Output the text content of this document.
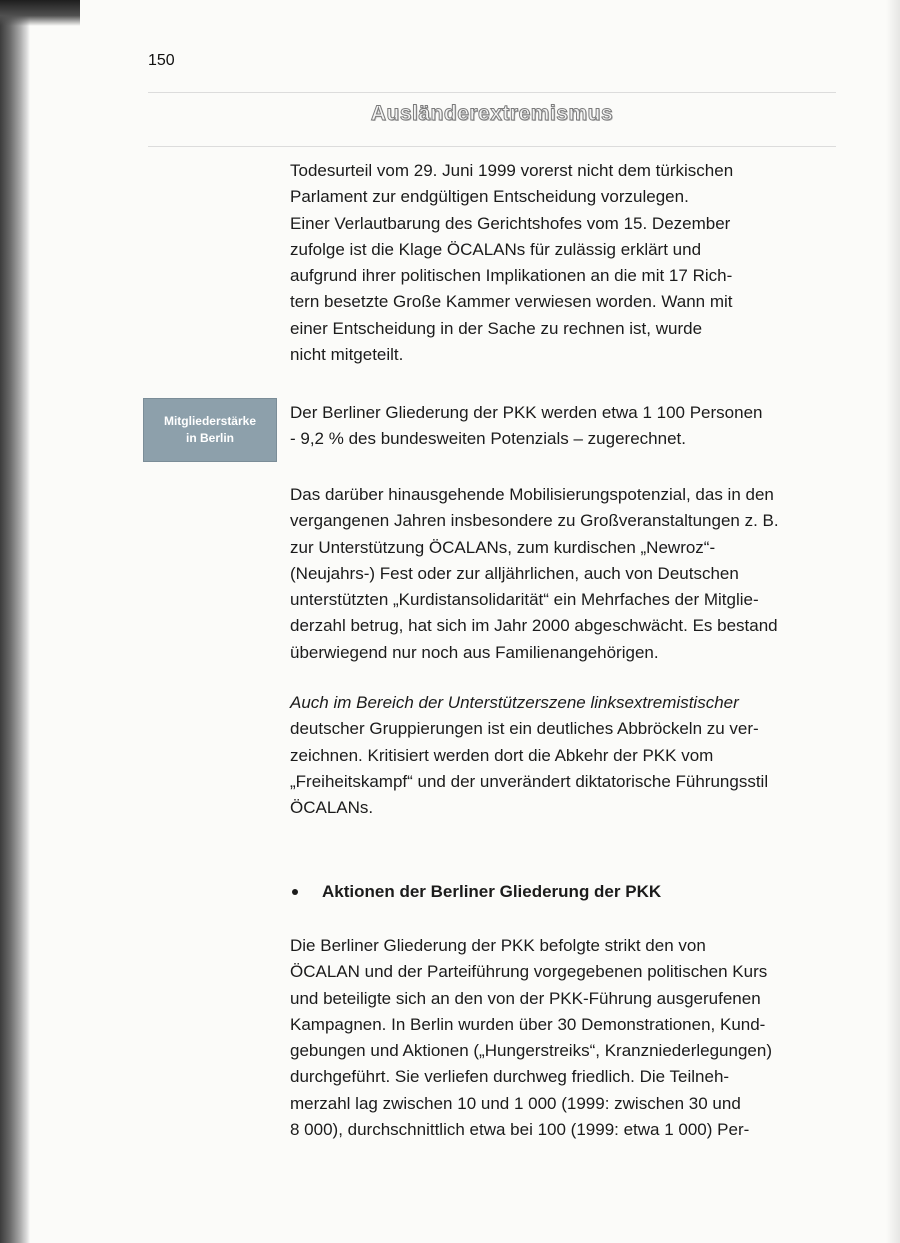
150
Ausländerextremismus

Todesurteil vom 29. Juni 1999 vorerst nicht dem türkischen
Parlament zur endgültigen Entscheidung vorzulegen.
Einer Verlautbarung des Gerichtshofes vom 15. Dezember
zufolge ist die Klage ÖCALANs für zulässig erklärt und
aufgrund ihrer politischen Implikationen an die mit 17 Rich-
tern besetzte Große Kammer verwiesen worden. Wann mit
einer Entscheidung in der Sache zu rechnen ist, wurde
nicht mitgeteilt.

Mitgliederstärke
in Berlin

Der Berliner Gliederung der PKK werden etwa 1 100 Personen
- 9,2 % des bundesweiten Potenzials – zugerechnet.

Das darüber hinausgehende Mobilisierungspotenzial, das in den
vergangenen Jahren insbesondere zu Großveranstaltungen z. B.
zur Unterstützung ÖCALANs, zum kurdischen „Newroz“-
(Neujahrs-) Fest oder zur alljährlichen, auch von Deutschen
unterstützten „Kurdistansolidarität“ ein Mehrfaches der Mitglie-
derzahl betrug, hat sich im Jahr 2000 abgeschwächt. Es bestand
überwiegend nur noch aus Familienangehörigen.

Auch im Bereich der Unterstützerszene linksextremistischer
deutscher Gruppierungen ist ein deutliches Abbröckeln zu ver-
zeichnen. Kritisiert werden dort die Abkehr der PKK vom
„Freiheitskampf“ und der unverändert diktatorische Führungsstil
ÖCALANs.

Aktionen der Berliner Gliederung der PKK

Die Berliner Gliederung der PKK befolgte strikt den von
ÖCALAN und der Parteiführung vorgegebenen politischen Kurs
und beteiligte sich an den von der PKK-Führung ausgerufenen
Kampagnen. In Berlin wurden über 30 Demonstrationen, Kund-
gebungen und Aktionen („Hungerstreiks“, Kranzniederlegungen)
durchgeführt. Sie verliefen durchweg friedlich. Die Teilneh-
merzahl lag zwischen 10 und 1 000 (1999: zwischen 30 und
8 000), durchschnittlich etwa bei 100 (1999: etwa 1 000) Per-
